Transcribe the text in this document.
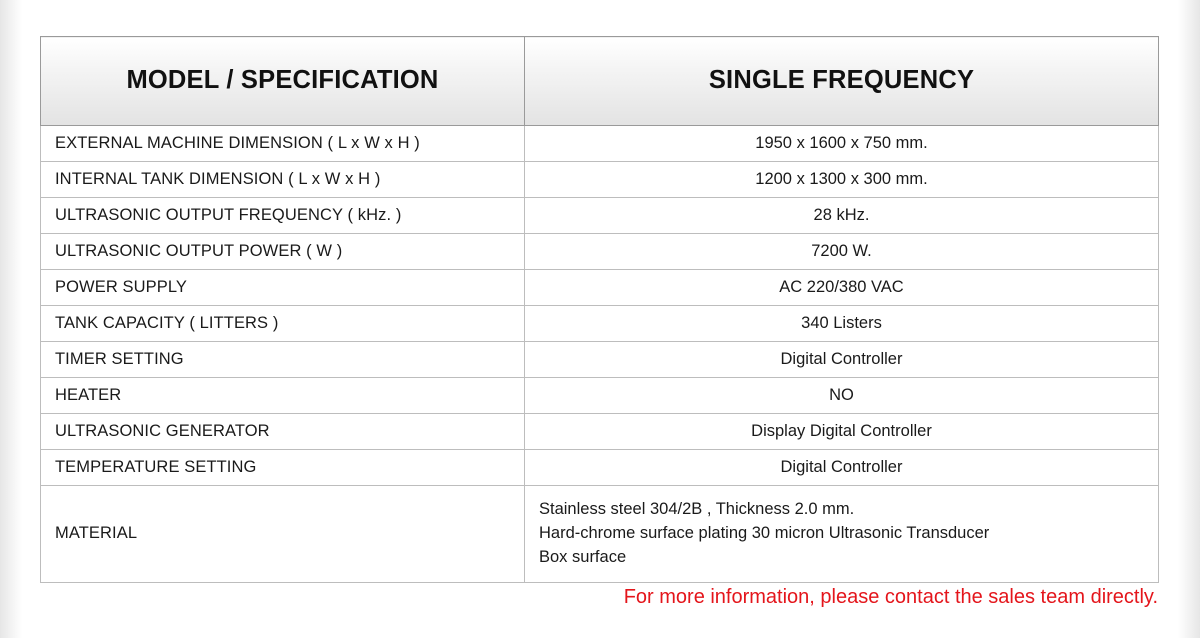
MODEL / SPECIFICATION	SINGLE FREQUENCY
EXTERNAL MACHINE DIMENSION ( L x W x H )	1950 x 1600 x 750 mm.
INTERNAL TANK DIMENSION ( L x W x H )	1200 x 1300 x 300 mm.
ULTRASONIC OUTPUT FREQUENCY ( kHz. )	28 kHz.
ULTRASONIC OUTPUT POWER ( W )	7200 W.
POWER SUPPLY	AC 220/380 VAC
TANK CAPACITY ( LITTERS )	340 Listers
TIMER SETTING	Digital Controller
HEATER	NO
ULTRASONIC GENERATOR	Display Digital Controller
TEMPERATURE SETTING	Digital Controller
MATERIAL	Stainless steel 304/2B , Thickness 2.0 mm.
Hard-chrome surface plating 30 micron Ultrasonic Transducer
Box surface
For more information, please contact the sales team directly.
